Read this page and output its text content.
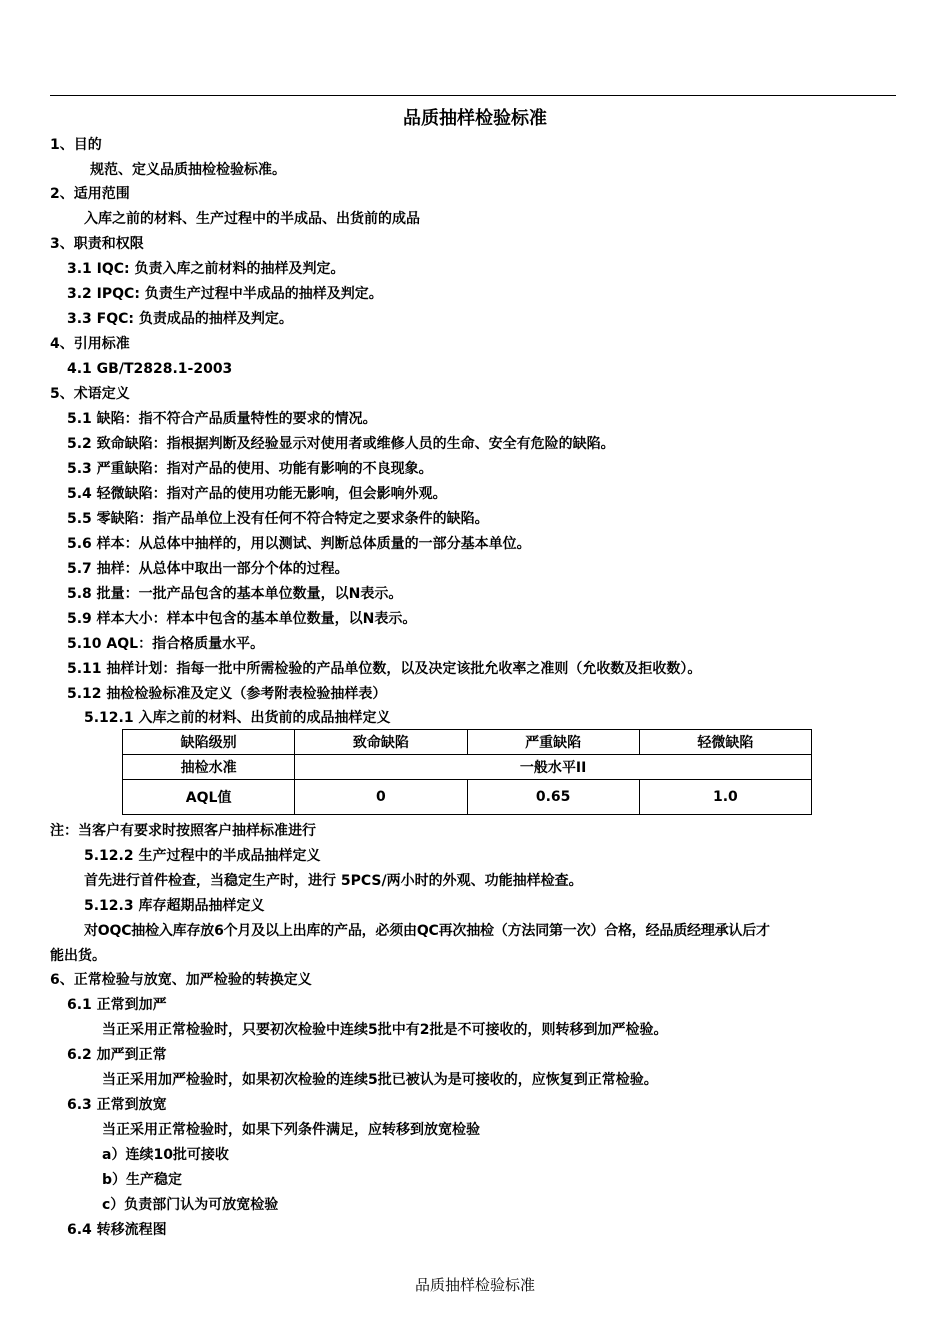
品质抽样检验标准
1、目的
规范、定义品质抽检检验标准。
2、适用范围
入库之前的材料、生产过程中的半成品、出货前的成品
3、职责和权限
3.1 IQC: 负责入库之前材料的抽样及判定。
3.2 IPQC: 负责生产过程中半成品的抽样及判定。
3.3 FQC: 负责成品的抽样及判定。
4、引用标准
4.1 GB/T2828.1-2003
5、术语定义
5.1 缺陷：指不符合产品质量特性的要求的情况。
5.2 致命缺陷：指根据判断及经验显示对使用者或维修人员的生命、安全有危险的缺陷。
5.3 严重缺陷：指对产品的使用、功能有影响的不良现象。
5.4 轻微缺陷：指对产品的使用功能无影响，但会影响外观。
5.5 零缺陷：指产品单位上没有任何不符合特定之要求条件的缺陷。
5.6 样本：从总体中抽样的，用以测试、判断总体质量的一部分基本单位。
5.7 抽样：从总体中取出一部分个体的过程。
5.8 批量：一批产品包含的基本单位数量，以N表示。
5.9 样本大小：样本中包含的基本单位数量，以N表示。
5.10 AQL：指合格质量水平。
5.11 抽样计划：指每一批中所需检验的产品单位数，以及决定该批允收率之准则（允收数及拒收数）。
5.12 抽检检验标准及定义（参考附表检验抽样表）
5.12.1 入库之前的材料、出货前的成品抽样定义
缺陷级别	致命缺陷	严重缺陷	轻微缺陷
抽检水准	一般水平II		
AQL值	0	0.65	1.0
注：当客户有要求时按照客户抽样标准进行
5.12.2 生产过程中的半成品抽样定义
首先进行首件检查，当稳定生产时，进行 5PCS/两小时的外观、功能抽样检查。
5.12.3 库存超期品抽样定义
对OQC抽检入库存放6个月及以上出库的产品，必须由QC再次抽检（方法同第一次）合格，经品质经理承认后才
能出货。
6、正常检验与放宽、加严检验的转换定义
6.1 正常到加严
当正采用正常检验时，只要初次检验中连续5批中有2批是不可接收的，则转移到加严检验。
6.2 加严到正常
当正采用加严检验时，如果初次检验的连续5批已被认为是可接收的，应恢复到正常检验。
6.3 正常到放宽
当正采用正常检验时，如果下列条件满足，应转移到放宽检验
a）连续10批可接收
b）生产稳定
c）负责部门认为可放宽检验
6.4 转移流程图
品质抽样检验标准
